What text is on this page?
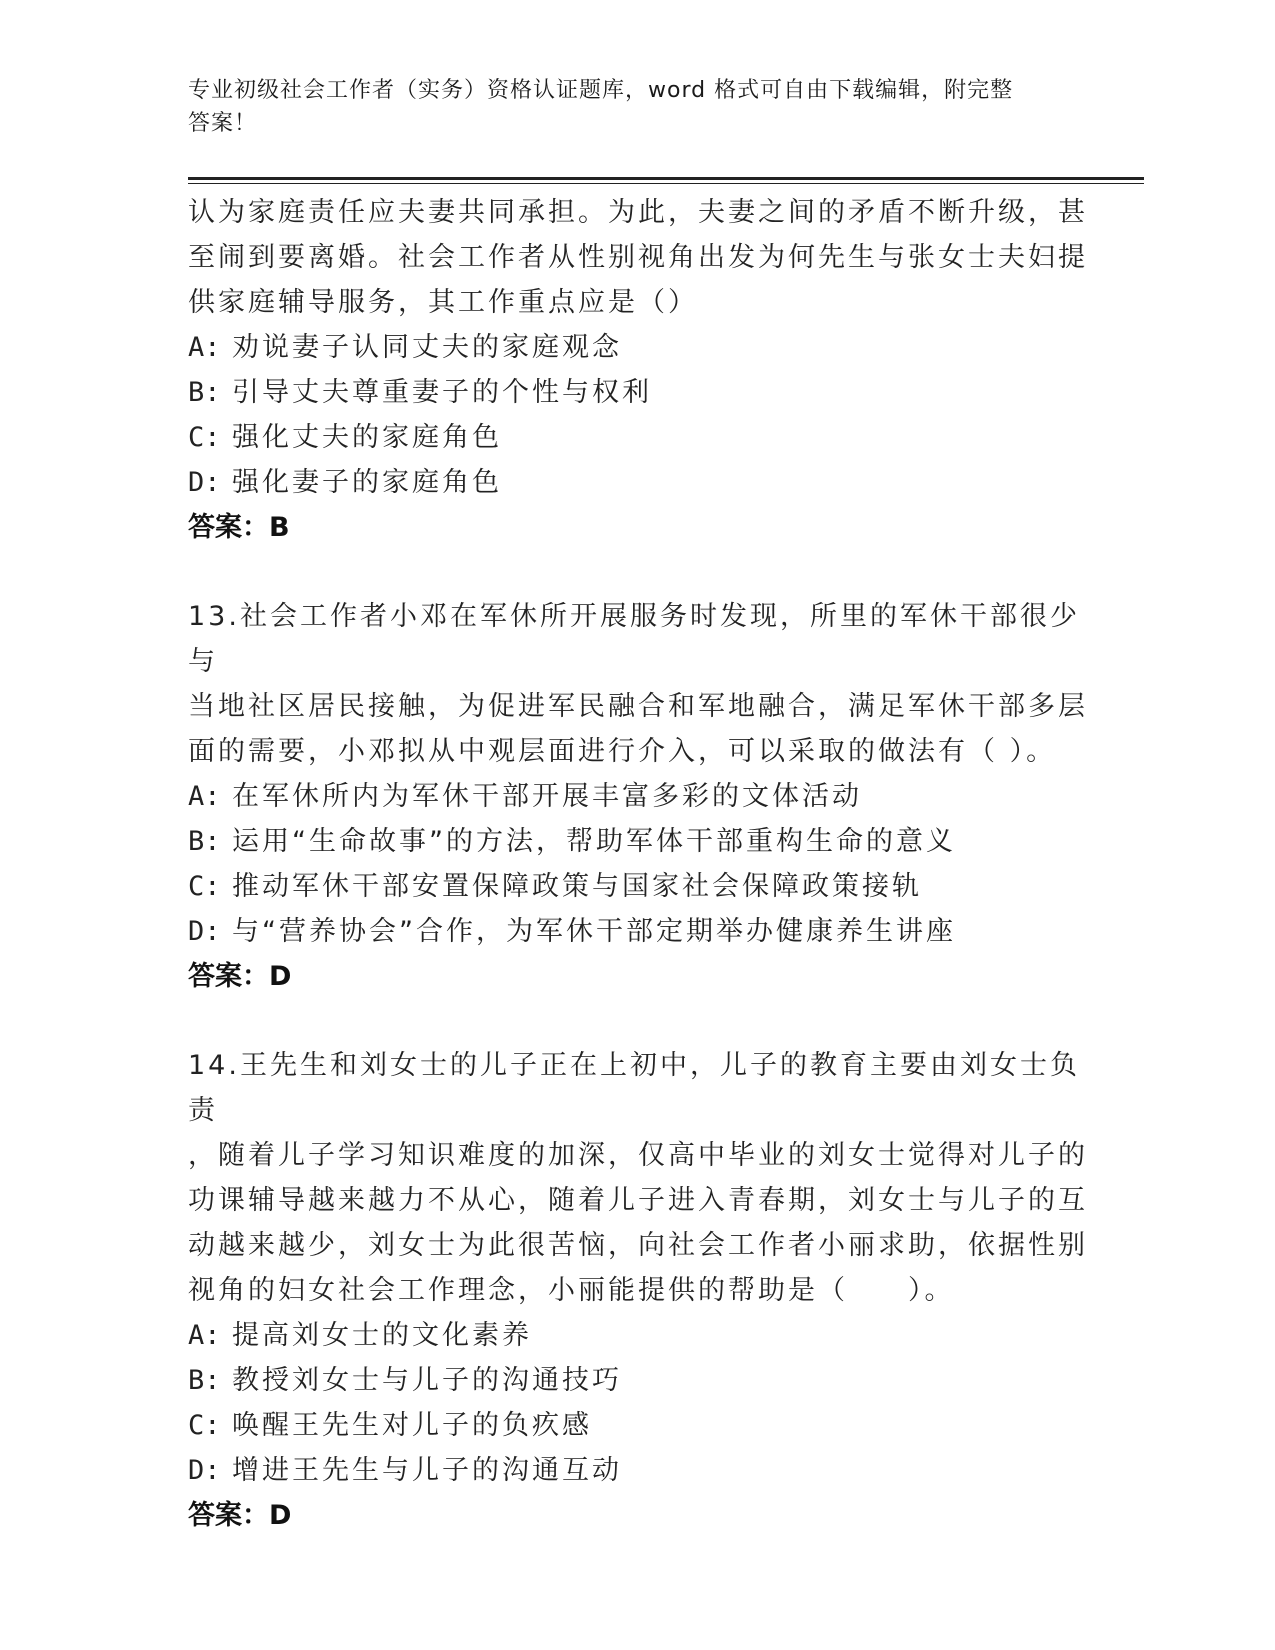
专业初级社会工作者（实务）资格认证题库，word 格式可自由下载编辑，附完整
答案！

认为家庭责任应夫妻共同承担。为此，夫妻之间的矛盾不断升级，甚

至闹到要离婚。社会工作者从性别视角出发为何先生与张女士夫妇提

供家庭辅导服务，其工作重点应是（）

A: 劝说妻子认同丈夫的家庭观念

B: 引导丈夫尊重妻子的个性与权利

C: 强化丈夫的家庭角色

D: 强化妻子的家庭角色

答案：B

13.社会工作者小邓在军休所开展服务时发现，所里的军休干部很少与

当地社区居民接触，为促进军民融合和军地融合，满足军休干部多层

面的需要，小邓拟从中观层面进行介入，可以采取的做法有（ ）。

A: 在军休所内为军休干部开展丰富多彩的文体活动

B: 运用“生命故事”的方法，帮助军体干部重构生命的意义

C: 推动军休干部安置保障政策与国家社会保障政策接轨

D: 与“营养协会”合作，为军休干部定期举办健康养生讲座

答案：D

14.王先生和刘女士的儿子正在上初中，儿子的教育主要由刘女士负责

，随着儿子学习知识难度的加深，仅高中毕业的刘女士觉得对儿子的

功课辅导越来越力不从心，随着儿子进入青春期，刘女士与儿子的互

动越来越少，刘女士为此很苦恼，向社会工作者小丽求助，依据性别

视角的妇女社会工作理念，小丽能提供的帮助是（　　）。

A: 提高刘女士的文化素养

B: 教授刘女士与儿子的沟通技巧

C: 唤醒王先生对儿子的负疚感

D: 增进王先生与儿子的沟通互动

答案：D
